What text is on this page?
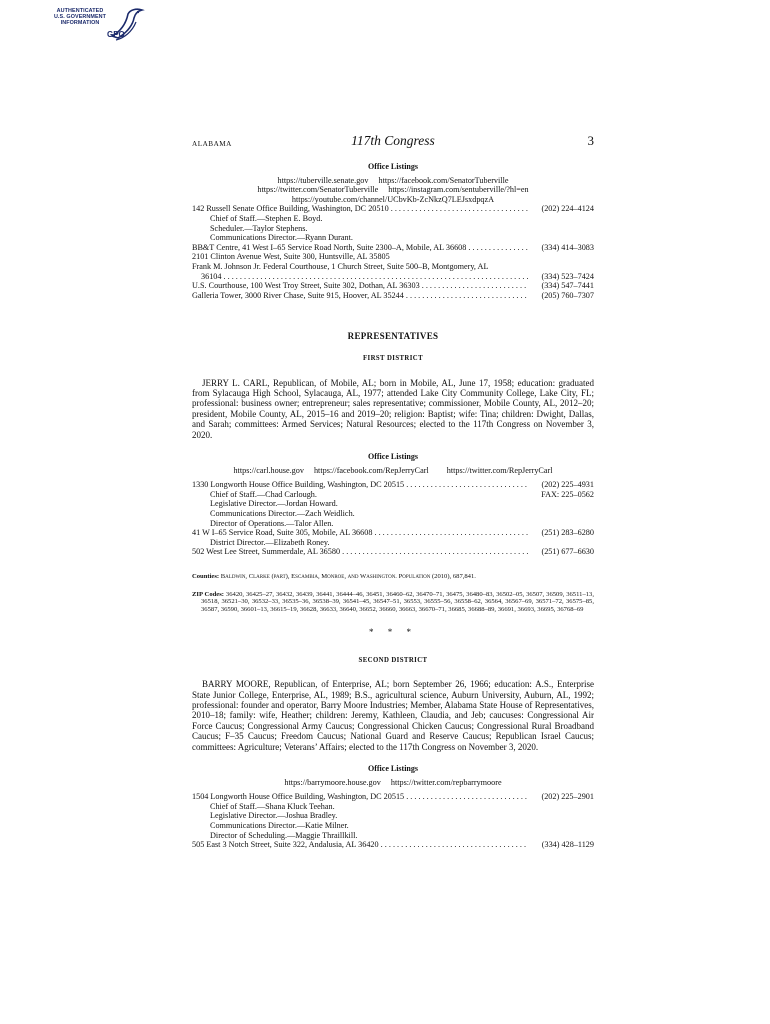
AUTHENTICATED
U.S. GOVERNMENT
INFORMATION
GPO
ALABAMA	117th Congress	3
Office Listings
https://tuberville.senate.gov https://facebook.com/SenatorTuberville
https://twitter.com/SenatorTuberville https://instagram.com/sentuberville/?hl=en
https://youtube.com/channel/UCbvKb-ZcNkzQ7LEJsxdpqzA
142 Russell Senate Office Building, Washington, DC 20510 . . .	(202) 224–4124
Chief of Staff.—Stephen E. Boyd.
Scheduler.—Taylor Stephens.
Communications Director.—Ryann Durant.
BB&T Centre, 41 West I–65 Service Road North, Suite 2300–A, Mobile, AL 36608 . . .	(334) 414–3083
2101 Clinton Avenue West, Suite 300, Huntsville, AL 35805
Frank M. Johnson Jr. Federal Courthouse, 1 Church Street, Suite 500–B, Montgomery, AL
36104 . . .	(334) 523–7424
U.S. Courthouse, 100 West Troy Street, Suite 302, Dothan, AL 36303 . . .	(334) 547–7441
Galleria Tower, 3000 River Chase, Suite 915, Hoover, AL 35244 . . .	(205) 760–7307
REPRESENTATIVES
FIRST DISTRICT
JERRY L. CARL, Republican, of Mobile, AL; born in Mobile, AL, June 17, 1958; education: graduated from Sylacauga High School, Sylacauga, AL, 1977; attended Lake City Community College, Lake City, FL; professional: business owner; entrepreneur; sales representative; commissioner, Mobile County, AL, 2012–20; president, Mobile County, AL, 2015–16 and 2019–20; religion: Baptist; wife: Tina; children: Dwight, Dallas, and Sarah; committees: Armed Services; Natural Resources; elected to the 117th Congress on November 3, 2020.
Office Listings
https://carl.house.gov https://facebook.com/RepJerryCarl https://twitter.com/RepJerryCarl
1330 Longworth House Office Building, Washington, DC 20515 . . .	(202) 225–4931
Chief of Staff.—Chad Carlough.	FAX: 225–0562
Legislative Director.—Jordan Howard.
Communications Director.—Zach Weidlich.
Director of Operations.—Talor Allen.
41 W I–65 Service Road, Suite 305, Mobile, AL 36608 . . .	(251) 283–6280
District Director.—Elizabeth Roney.
502 West Lee Street, Summerdale, AL 36580 . . .	(251) 677–6630
Counties: Baldwin, Clarke (part), Escambia, Monroe, and Washington. Population (2010), 687,841.
ZIP Codes: 36420, 36425–27, 36432, 36439, 36441, 36444–46, 36451, 36460–62, 36470–71, 36475, 36480–83, 36502–05, 36507, 36509, 36511–13, 36518, 36521–30, 36532–33, 36535–36, 36538–39, 36541–45, 36547–51, 36553, 36555–56, 36558–62, 36564, 36567–69, 36571–72, 36575–85, 36587, 36590, 36601–13, 36615–19, 36628, 36633, 36640, 36652, 36660, 36663, 36670–71, 36685, 36688–89, 36691, 36693, 36695, 36768–69
* * *
SECOND DISTRICT
BARRY MOORE, Republican, of Enterprise, AL; born September 26, 1966; education: A.S., Enterprise State Junior College, Enterprise, AL, 1989; B.S., agricultural science, Auburn University, Auburn, AL, 1992; professional: founder and operator, Barry Moore Industries; Member, Alabama State House of Representatives, 2010–18; family: wife, Heather; children: Jeremy, Kathleen, Claudia, and Jeb; caucuses: Congressional Air Force Caucus; Congressional Army Caucus; Congressional Chicken Caucus; Congressional Rural Broadband Caucus; F–35 Caucus; Freedom Caucus; National Guard and Reserve Caucus; Republican Israel Caucus; committees: Agriculture; Veterans’ Affairs; elected to the 117th Congress on November 3, 2020.
Office Listings
https://barrymoore.house.gov https://twitter.com/repbarrymoore
1504 Longworth House Office Building, Washington, DC 20515 . . .	(202) 225–2901
Chief of Staff.—Shana Kluck Teehan.
Legislative Director.—Joshua Bradley.
Communications Director.—Katie Milner.
Director of Scheduling.—Maggie Thraillkill.
505 East 3 Notch Street, Suite 322, Andalusia, AL 36420 . . .	(334) 428–1129
